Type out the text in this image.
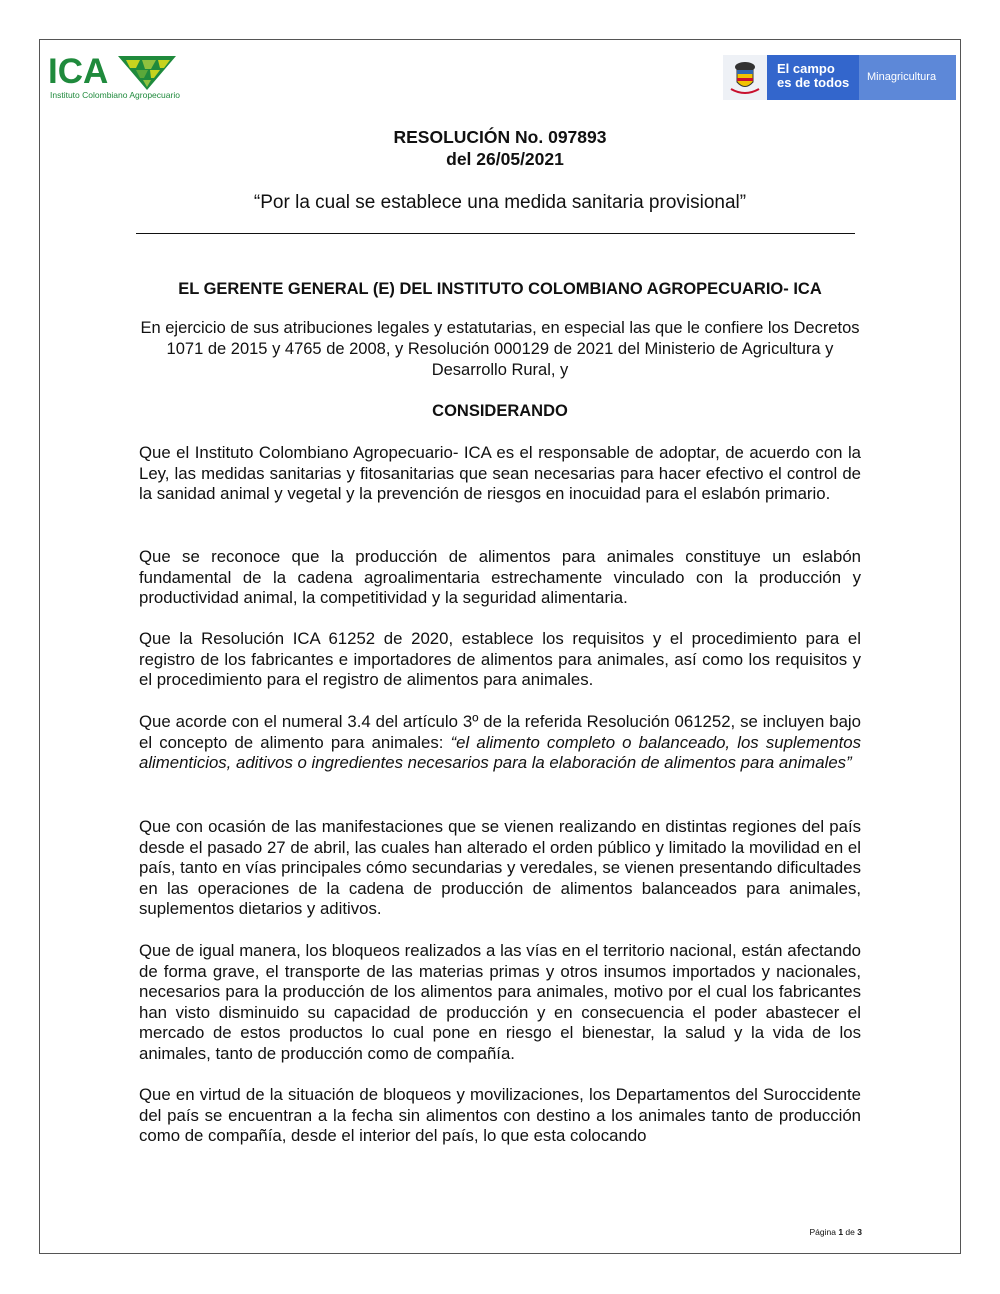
ICA
Instituto Colombiano Agropecuario
El campo
es de todos Minagricultura
RESOLUCIÓN No. 097893
del 26/05/2021
“Por la cual se establece una medida sanitaria provisional”
EL GERENTE GENERAL (E) DEL INSTITUTO COLOMBIANO AGROPECUARIO- ICA
En ejercicio de sus atribuciones legales y estatutarias, en especial las que le confiere los Decretos 1071 de 2015 y 4765 de 2008, y Resolución 000129 de 2021 del Ministerio de Agricultura y Desarrollo Rural, y
CONSIDERANDO

Que el Instituto Colombiano Agropecuario- ICA es el responsable de adoptar, de acuerdo con la Ley, las medidas sanitarias y fitosanitarias que sean necesarias para hacer efectivo el control de la sanidad animal y vegetal y la prevención de riesgos en inocuidad para el eslabón primario.

Que se reconoce que la producción de alimentos para animales constituye un eslabón fundamental de la cadena agroalimentaria estrechamente vinculado con la producción y productividad animal, la competitividad y la seguridad alimentaria.

Que la Resolución ICA 61252 de 2020, establece los requisitos y el procedimiento para el registro de los fabricantes e importadores de alimentos para animales, así como los requisitos y el procedimiento para el registro de alimentos para animales.

Que acorde con el numeral 3.4 del artículo 3º de la referida Resolución 061252, se incluyen bajo el concepto de alimento para animales: “el alimento completo o balanceado, los suplementos alimenticios, aditivos o ingredientes necesarios para la elaboración de alimentos para animales”

Que con ocasión de las manifestaciones que se vienen realizando en distintas regiones del país desde el pasado 27 de abril, las cuales han alterado el orden público y limitado la movilidad en el país, tanto en vías principales cómo secundarias y veredales, se vienen presentando dificultades en las operaciones de la cadena de producción de alimentos balanceados para animales, suplementos dietarios y aditivos.

Que de igual manera, los bloqueos realizados a las vías en el territorio nacional, están afectando de forma grave, el transporte de las materias primas y otros insumos importados y nacionales, necesarios para la producción de los alimentos para animales, motivo por el cual los fabricantes han visto disminuido su capacidad de producción y en consecuencia el poder abastecer el mercado de estos productos lo cual pone en riesgo el bienestar, la salud y la vida de los animales, tanto de producción como de compañía.

Que en virtud de la situación de bloqueos y movilizaciones, los Departamentos del Suroccidente del país se encuentran a la fecha sin alimentos con destino a los animales tanto de producción como de compañía, desde el interior del país, lo que esta colocando

Página 1 de 3
